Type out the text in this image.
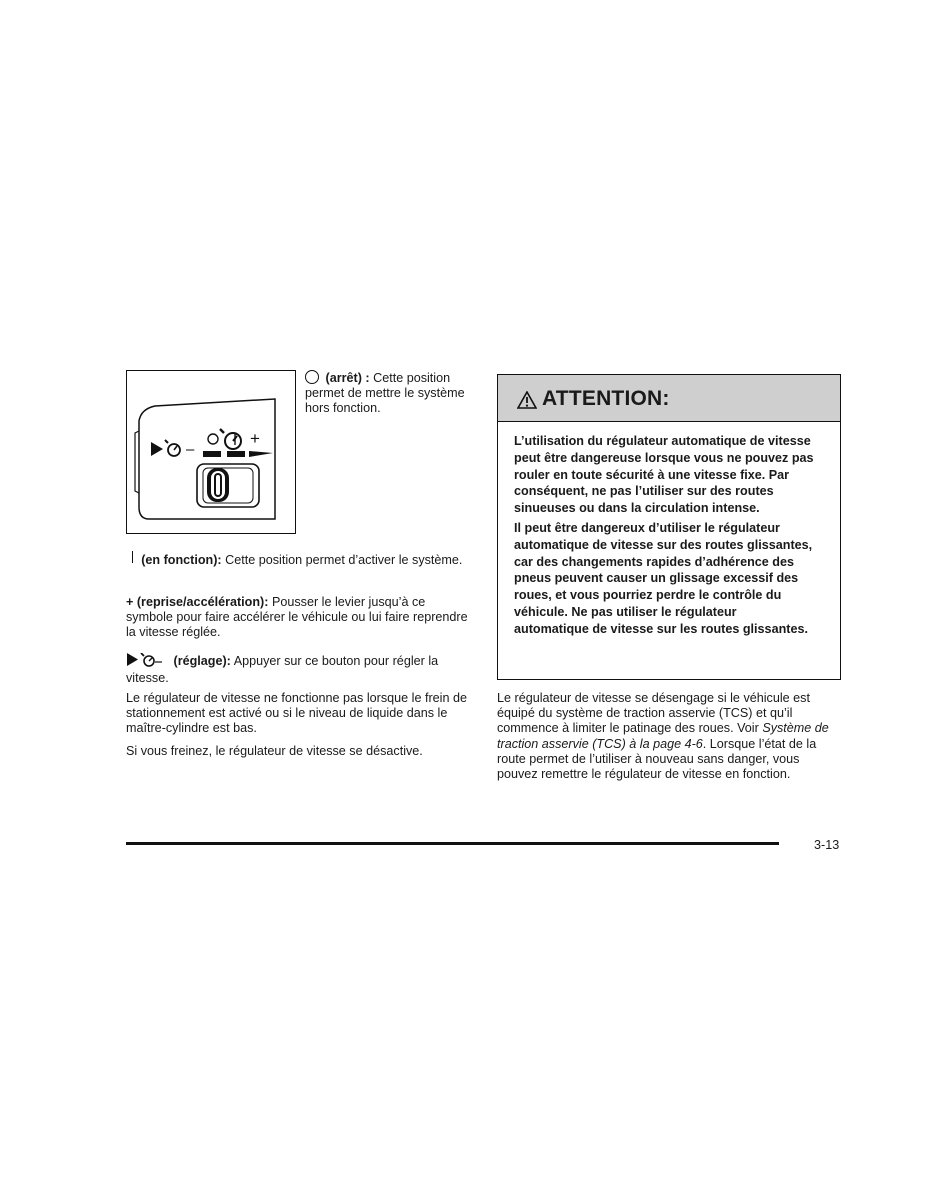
+
–
(arrêt) : Cette position permet de mettre le système hors fonction.
(en fonction): Cette position permet d’activer le système.
+ (reprise/accélération): Pousser le levier jusqu’à ce symbole pour faire accélérer le véhicule ou lui faire reprendre la vitesse réglée.
(réglage): Appuyer sur ce bouton pour régler la vitesse.

Le régulateur de vitesse ne fonctionne pas lorsque le frein de stationnement est activé ou si le niveau de liquide dans le maître-cylindre est bas.

Si vous freinez, le régulateur de vitesse se désactive.

ATTENTION:

L’utilisation du régulateur automatique de vitesse peut être dangereuse lorsque vous ne pouvez pas rouler en toute sécurité à une vitesse fixe. Par conséquent, ne pas l’utiliser sur des routes sinueuses ou dans la circulation intense.

Il peut être dangereux d’utiliser le régulateur automatique de vitesse sur des routes glissantes, car des changements rapides d’adhérence des pneus peuvent causer un glissage excessif des roues, et vous pourriez perdre le contrôle du véhicule. Ne pas utiliser le régulateur automatique de vitesse sur les routes glissantes.

Le régulateur de vitesse se désengage si le véhicule est équipé du système de traction asservie (TCS) et qu’il commence à limiter le patinage des roues. Voir Système de traction asservie (TCS) à la page 4-6. Lorsque l’état de la route permet de l’utiliser à nouveau sans danger, vous pouvez remettre le régulateur de vitesse en fonction.
3-13
